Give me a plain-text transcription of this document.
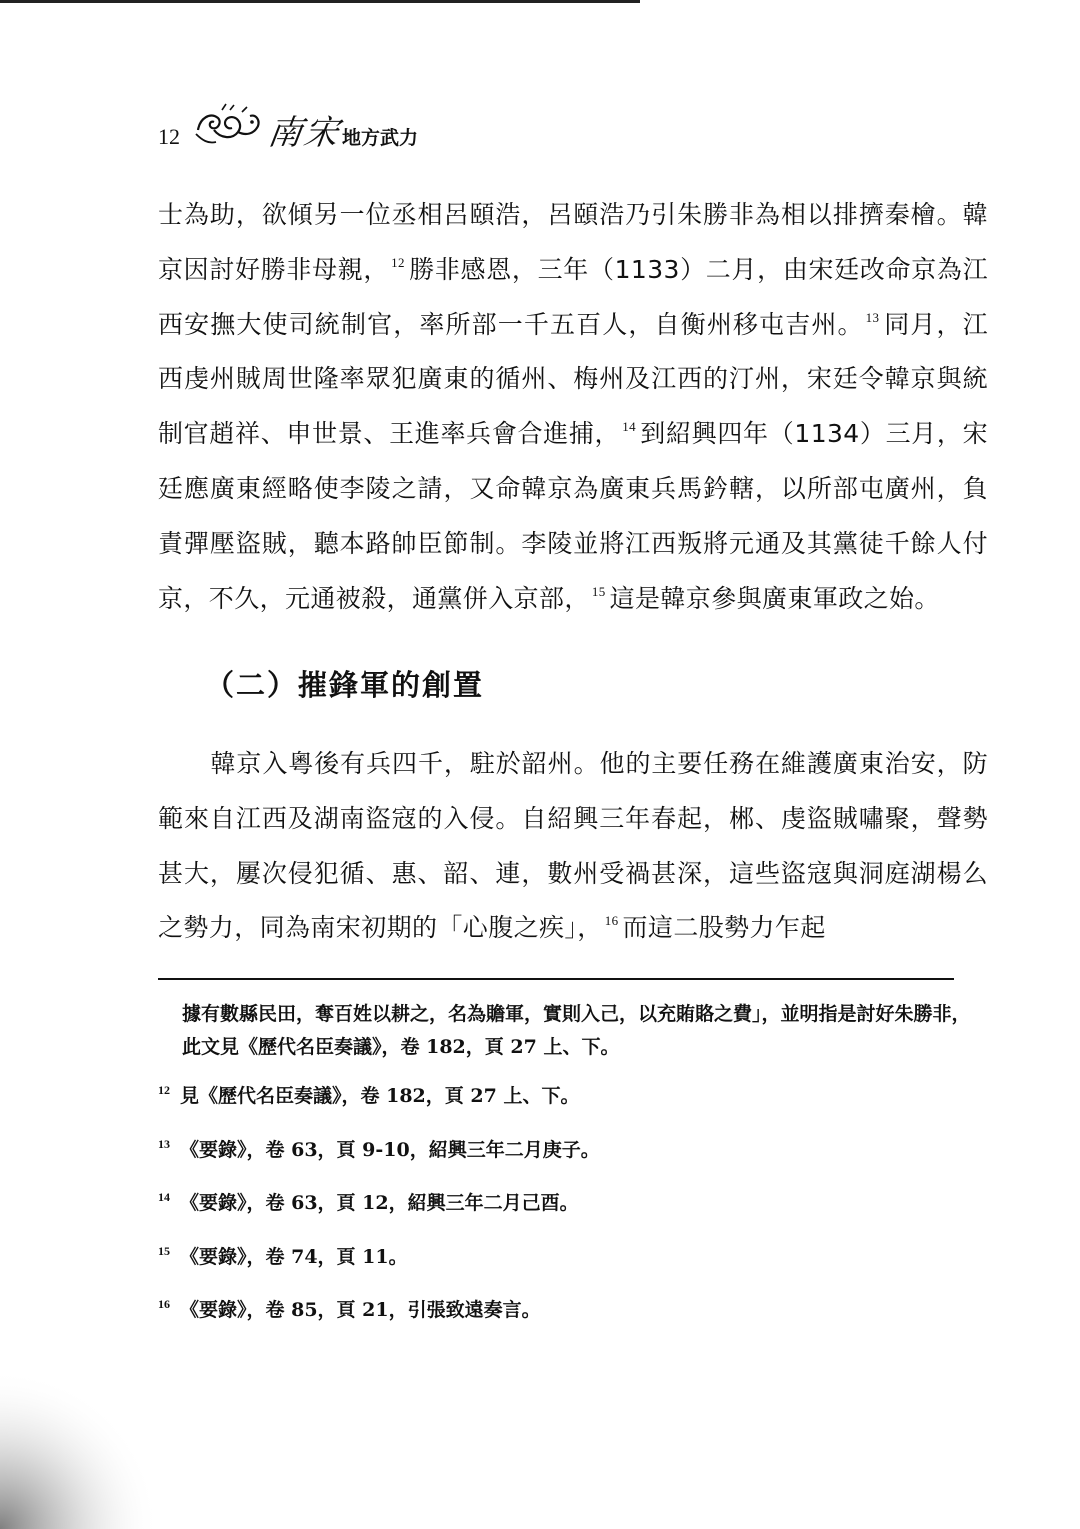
12	南宋 地方武力

士為助，欲傾另一位丞相呂頤浩，呂頤浩乃引朱勝非為相以排擠秦檜。韓京因討好勝非母親， $^{12}$ 勝非感恩，三年（1133）二月，由宋廷改命京為江西安撫大使司統制官，率所部一千五百人，自衡州移屯吉州。 $^{13}$ 同月，江西虔州賊周世隆率眾犯廣東的循州、梅州及江西的汀州，宋廷令韓京與統制官趙祥、申世景、王進率兵會合進捕， $^{14}$ 到紹興四年（1134）三月，宋廷應廣東經略使李陵之請，又命韓京為廣東兵馬鈐轄，以所部屯廣州，負責彈壓盜賊，聽本路帥臣節制。李陵並將江西叛將元通及其黨徒千餘人付京，不久，元通被殺，通黨併入京部， $^{15}$ 這是韓京參與廣東軍政之始。

（二）摧鋒軍的創置

韓京入粵後有兵四千，駐於韶州。他的主要任務在維護廣東治安，防範來自江西及湖南盜寇的入侵。自紹興三年春起，郴、虔盜賊嘯聚，聲勢甚大，屢次侵犯循、惠、韶、連，數州受禍甚深，這些盜寇與洞庭湖楊么之勢力，同為南宋初期的「心腹之疾」， $^{16}$ 而這二股勢力乍起

據有數縣民田，奪百姓以耕之，名為贍軍，實則入己，以充賄賂之費」，並明指是討好朱勝非，此文見《歷代名臣奏議》，卷 182，頁 27 上、下。

12 見《歷代名臣奏議》，卷 182，頁 27 上、下。
13 《要錄》，卷 63，頁 9-10，紹興三年二月庚子。
14 《要錄》，卷 63，頁 12，紹興三年二月己酉。
15 《要錄》，卷 74，頁 11。
16 《要錄》，卷 85，頁 21，引張致遠奏言。
